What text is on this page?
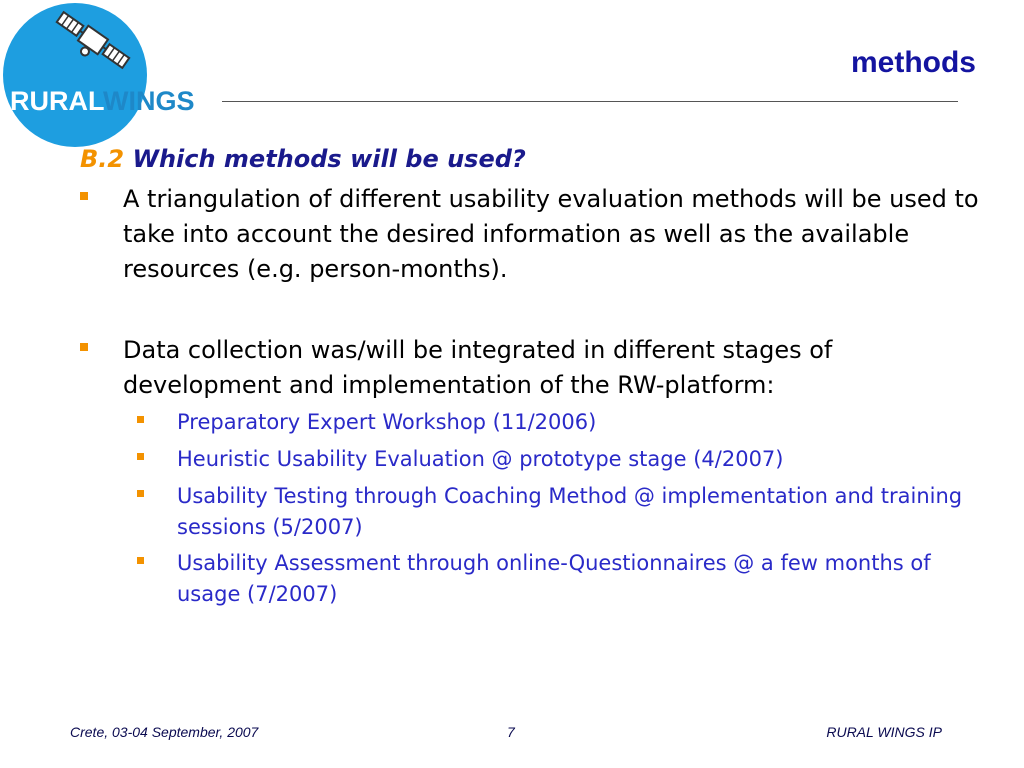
RURALWINGS
methods
B.2 Which methods will be used?
A triangulation of different usability evaluation methods will be used to take into account the desired information as well as the available resources (e.g. person-months).
Data collection was/will be integrated in different stages of development and implementation of the RW-platform:
Preparatory Expert Workshop (11/2006)
Heuristic Usability Evaluation @ prototype stage (4/2007)
Usability Testing through Coaching Method @ implementation and training sessions (5/2007)
Usability Assessment through online-Questionnaires @ a few months of usage (7/2007)
Crete, 03-04 September, 2007	7	RURAL WINGS IP
